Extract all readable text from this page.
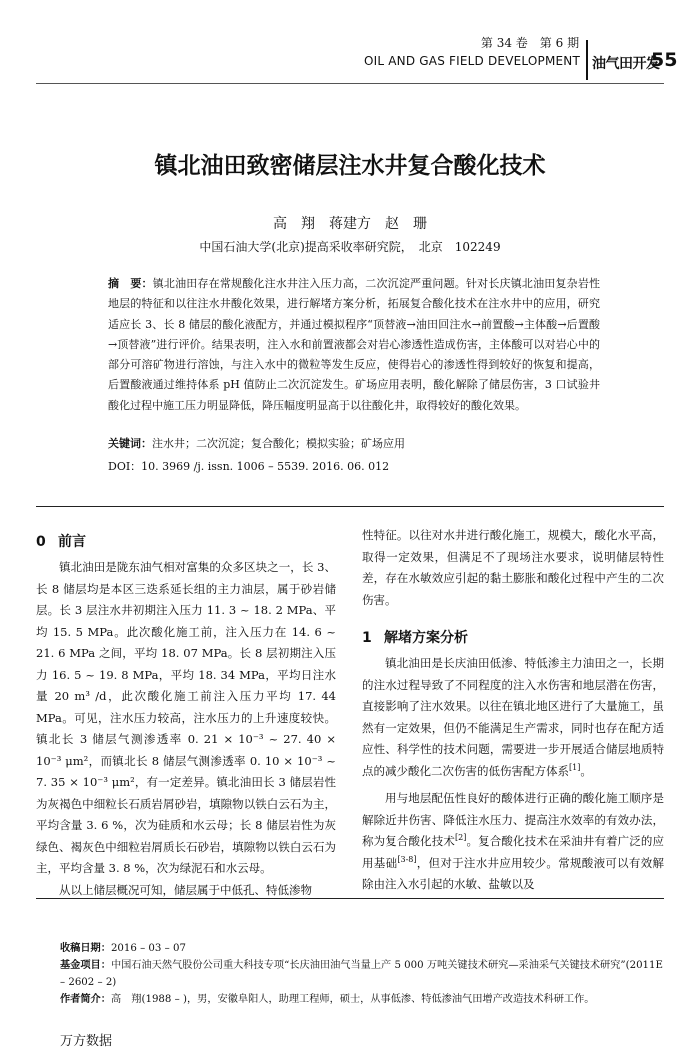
第 34 卷　第 6 期
OIL AND GAS FIELD DEVELOPMENT 油气田开发
55
镇北油田致密储层注水井复合酸化技术
高　翔　蒋建方　赵　珊
中国石油大学(北京)提高采收率研究院，　北京　102249
摘　要：镇北油田存在常规酸化注水井注入压力高，二次沉淀严重问题。针对长庆镇北油田复杂岩性地层的特征和以往注水井酸化效果，进行解堵方案分析，拓展复合酸化技术在注水井中的应用，研究适应长 3、长 8 储层的酸化液配方，并通过模拟程序“顶替液→油田回注水→前置酸→主体酸→后置酸→顶替液”进行评价。结果表明，注入水和前置液都会对岩心渗透性造成伤害，主体酸可以对岩心中的部分可溶矿物进行溶蚀，与注入水中的微粒等发生反应，使得岩心的渗透性得到较好的恢复和提高，后置酸液通过维持体系 pH 值防止二次沉淀发生。矿场应用表明，酸化解除了储层伤害，3 口试验井酸化过程中施工压力明显降低，降压幅度明显高于以往酸化井，取得较好的酸化效果。
关键词：注水井；二次沉淀；复合酸化；模拟实验；矿场应用
DOI：10. 3969 /j. issn. 1006 – 5539. 2016. 06. 012
0 前言

镇北油田是陇东油气相对富集的众多区块之一，长 3、长 8 储层均是本区三迭系延长组的主力油层，属于砂岩储层。长 3 层注水井初期注入压力 11. 3 ~ 18. 2 MPa、平均 15. 5 MPa。此次酸化施工前，注入压力在 14. 6 ~ 21. 6 MPa 之间，平均 18. 07 MPa。长 8 层初期注入压力 16. 5 ~ 19. 8 MPa，平均 18. 34 MPa，平均日注水量 20 m³ /d，此次酸化施工前注入压力平均 17. 44 MPa。可见，注水压力较高，注水压力的上升速度较快。镇北长 3 储层气测渗透率 0. 21 × 10⁻³ ~ 27. 40 × 10⁻³ μm²，而镇北长 8 储层气测渗透率 0. 10 × 10⁻³ ~ 7. 35 × 10⁻³ μm²，有一定差异。镇北油田长 3 储层岩性为灰褐色中细粒长石质岩屑砂岩，填隙物以铁白云石为主，平均含量 3. 6 %，次为硅质和水云母；长 8 储层岩性为灰绿色、褐灰色中细粒岩屑质长石砂岩，填隙物以铁白云石为主，平均含量 3. 8 %，次为绿泥石和水云母。

从以上储层概况可知，储层属于中低孔、特低渗物

性特征。以往对水井进行酸化施工，规模大，酸化水平高，取得一定效果，但满足不了现场注水要求，说明储层特性差，存在水敏效应引起的黏土膨胀和酸化过程中产生的二次伤害。

1 解堵方案分析

镇北油田是长庆油田低渗、特低渗主力油田之一，长期的注水过程导致了不同程度的注入水伤害和地层潜在伤害，直接影响了注水效果。以往在镇北地区进行了大量施工，虽然有一定效果，但仍不能满足生产需求，同时也存在配方适应性、科学性的技术问题，需要进一步开展适合储层地质特点的减少酸化二次伤害的低伤害配方体系[1]。

用与地层配伍性良好的酸体进行正确的酸化施工顺序是解除近井伤害、降低注水压力、提高注水效率的有效办法，称为复合酸化技术[2]。复合酸化技术在采油井有着广泛的应用基础[3-8]，但对于注水井应用较少。常规酸液可以有效解除由注入水引起的水敏、盐敏以及

收稿日期：2016 – 03 – 07

基金项目：中国石油天然气股份公司重大科技专项“长庆油田油气当量上产 5 000 万吨关键技术研究—采油采气关键技术研究”(2011E – 2602 – 2)

作者简介：高　翔(1988 – )，男，安徽阜阳人，助理工程师，硕士，从事低渗、特低渗油气田增产改造技术科研工作。

万方数据
